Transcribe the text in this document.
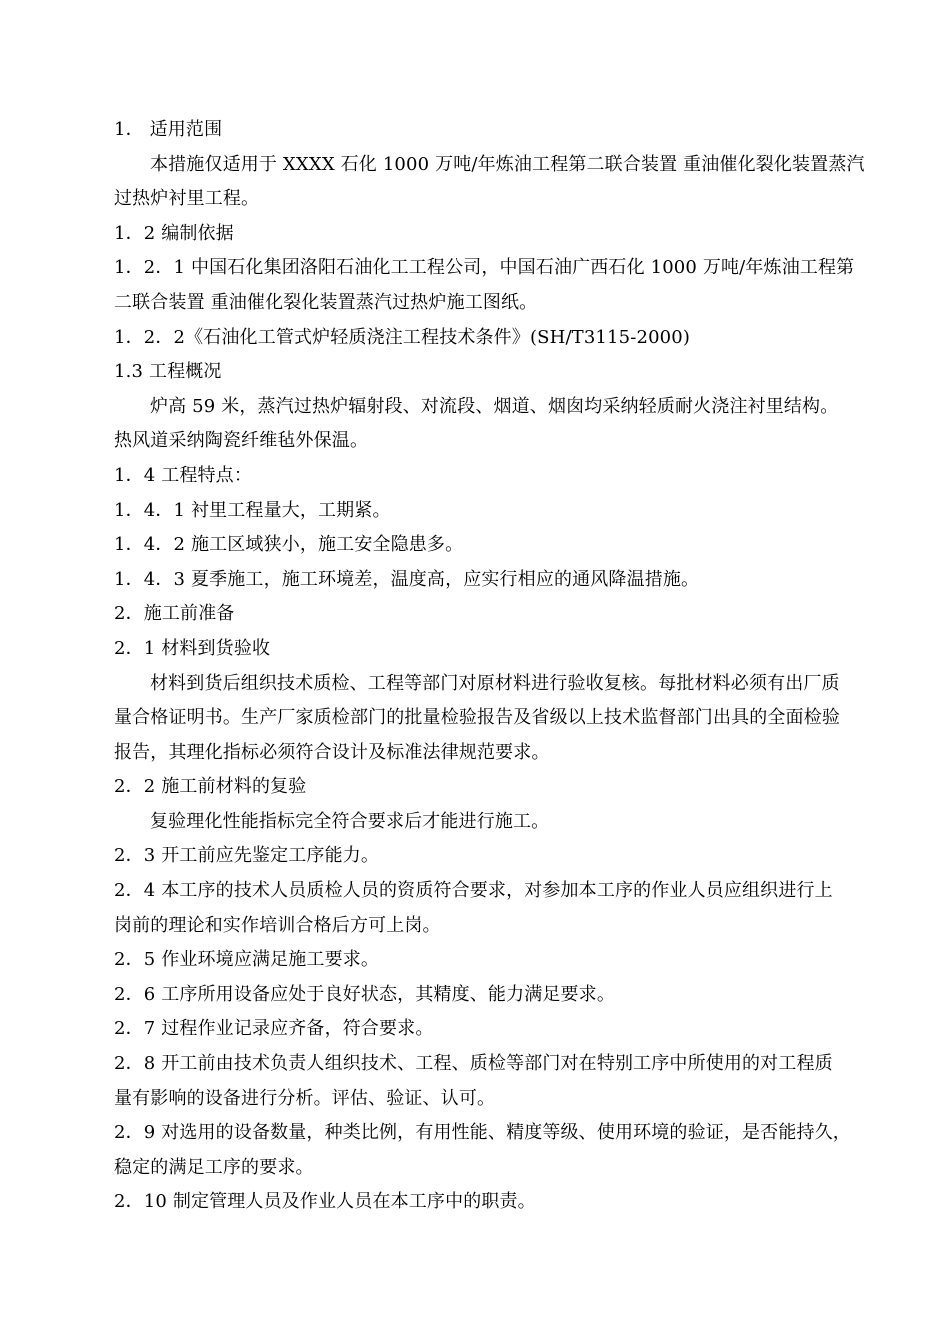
1． 适用范围
本措施仅适用于 XXXX 石化 1000 万吨/年炼油工程第二联合装置 重油催化裂化装置蒸汽
过热炉衬里工程。
1．2 编制依据
1．2．1 中国石化集团洛阳石油化工工程公司，中国石油广西石化 1000 万吨/年炼油工程第
二联合装置 重油催化裂化装置蒸汽过热炉施工图纸。
1．2．2《石油化工管式炉轻质浇注工程技术条件》(SH/T3115-2000)
1.3 工程概况
炉高 59 米，蒸汽过热炉辐射段、对流段、烟道、烟囱均采纳轻质耐火浇注衬里结构。
热风道采纳陶瓷纤维毡外保温。
1．4 工程特点：
1．4．1 衬里工程量大，工期紧。
1．4．2 施工区域狭小，施工安全隐患多。
1．4．3 夏季施工，施工环境差，温度高，应实行相应的通风降温措施。
2．施工前准备
2．1 材料到货验收
材料到货后组织技术质检、工程等部门对原材料进行验收复核。每批材料必须有出厂质
量合格证明书。生产厂家质检部门的批量检验报告及省级以上技术监督部门出具的全面检验
报告，其理化指标必须符合设计及标准法律规范要求。
2．2 施工前材料的复验
复验理化性能指标完全符合要求后才能进行施工。
2．3 开工前应先鉴定工序能力。
2．4 本工序的技术人员质检人员的资质符合要求，对参加本工序的作业人员应组织进行上
岗前的理论和实作培训合格后方可上岗。
2．5 作业环境应满足施工要求。
2．6 工序所用设备应处于良好状态，其精度、能力满足要求。
2．7 过程作业记录应齐备，符合要求。
2．8 开工前由技术负责人组织技术、工程、质检等部门对在特别工序中所使用的对工程质
量有影响的设备进行分析。评估、验证、认可。
2．9 对选用的设备数量，种类比例，有用性能、精度等级、使用环境的验证，是否能持久，
稳定的满足工序的要求。
2．10 制定管理人员及作业人员在本工序中的职责。
